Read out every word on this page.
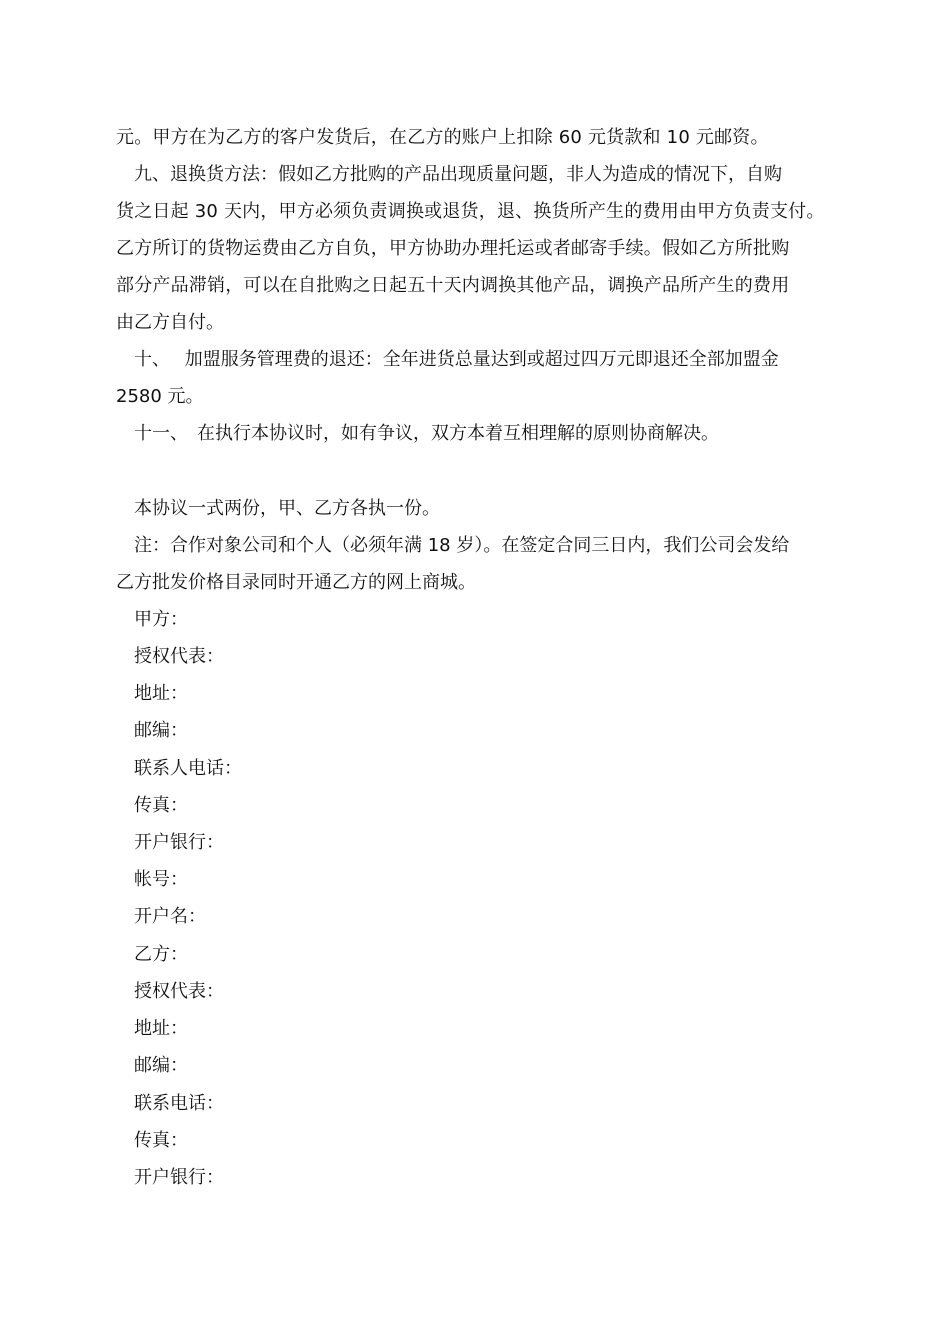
元。甲方在为乙方的客户发货后，在乙方的账户上扣除 60 元货款和 10 元邮资。
九、退换货方法：假如乙方批购的产品出现质量问题，非人为造成的情况下，自购
货之日起 30 天内，甲方必须负责调换或退货，退、换货所产生的费用由甲方负责支付。
乙方所订的货物运费由乙方自负，甲方协助办理托运或者邮寄手续。假如乙方所批购
部分产品滞销，可以在自批购之日起五十天内调换其他产品，调换产品所产生的费用
由乙方自付。
十、　 加盟服务管理费的退还：全年进货总量达到或超过四万元即退还全部加盟金
2580 元。
十一、　在执行本协议时，如有争议，双方本着互相理解的原则协商解决。
本协议一式两份，甲、乙方各执一份。
注：合作对象公司和个人（必须年满 18 岁）。在签定合同三日内，我们公司会发给
乙方批发价格目录同时开通乙方的网上商城。
甲方：
授权代表：
地址：
邮编：
联系人电话：
传真：
开户银行：
帐号：
开户名：
乙方：
授权代表：
地址：
邮编：
联系电话：
传真：
开户银行：
